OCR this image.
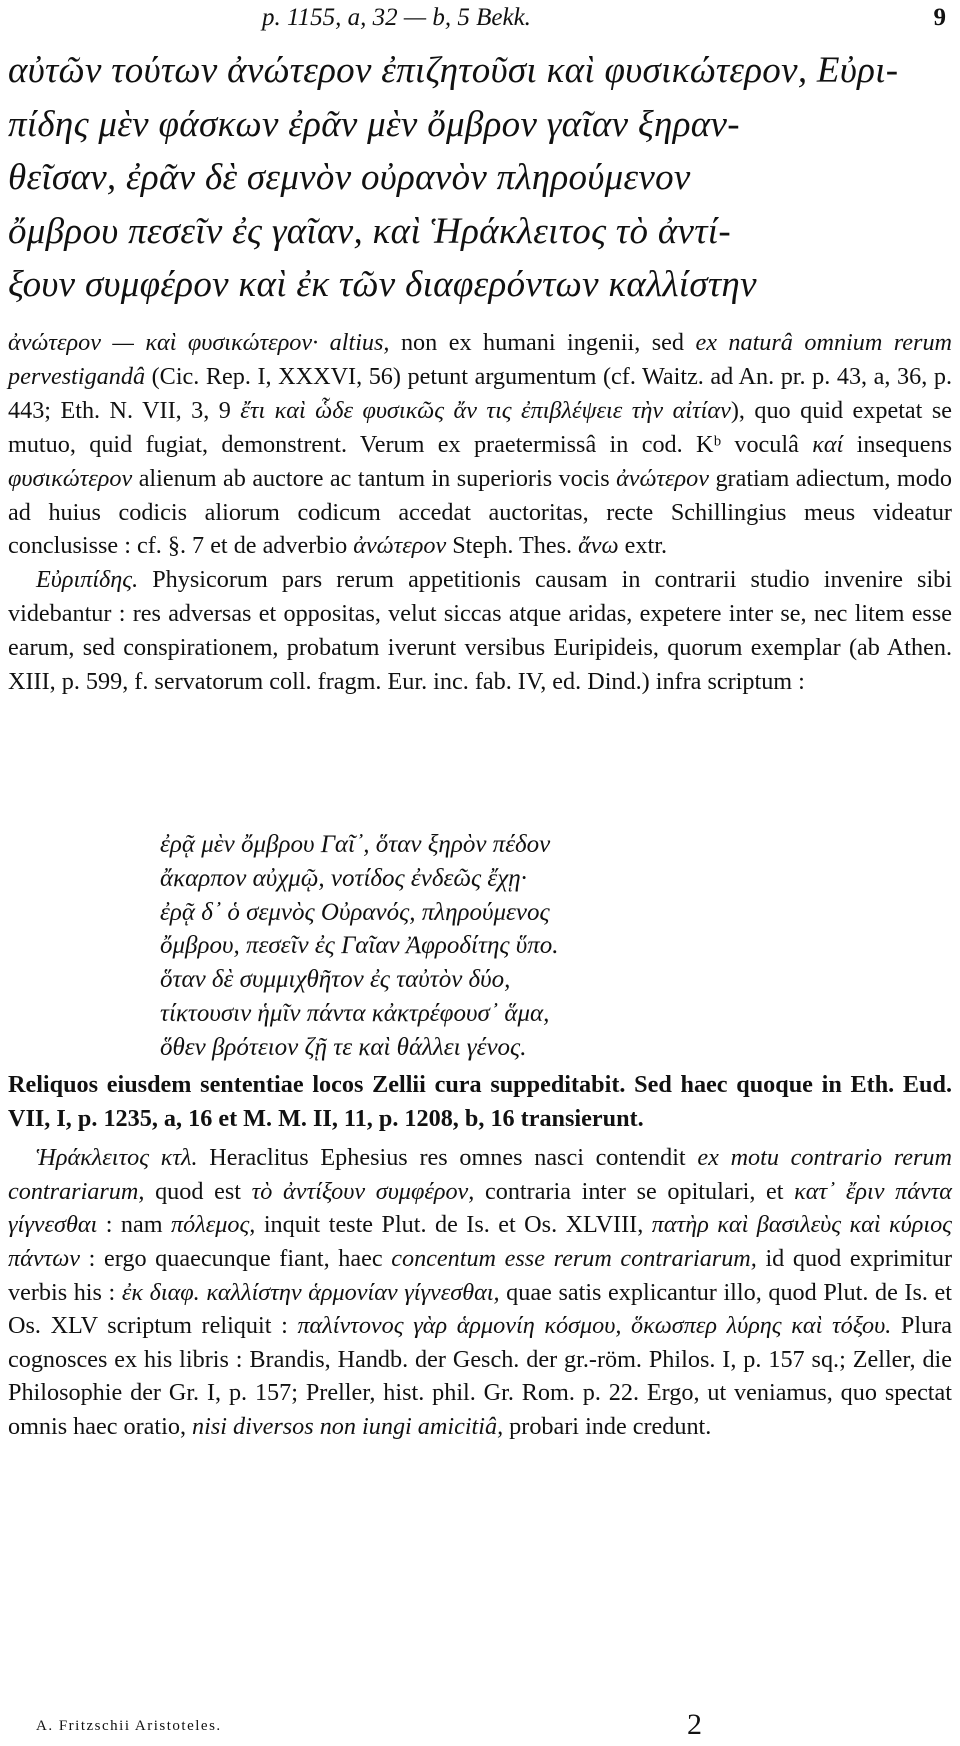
p. 1155, a, 32 — b, 5 Bekk.	9
αὐτῶν τούτων ἀνώτερον ἐπιζητοῦσι καὶ φυσικώτερον, Εὐρι-
πίδης μὲν φάσκων ἐρᾶν μὲν ὄμβρον γαῖαν ξηραν-
θεῖσαν, ἐρᾶν δὲ σεμνὸν οὐρανὸν πληρούμενον
ὄμβρου πεσεῖν ἐς γαῖαν, καὶ Ἡράκλειτος τὸ ἀντί-
ξουν συμφέρον καὶ ἐκ τῶν διαφερόντων καλλίστην

ἀνώτερον — καὶ φυσικώτερον· altius, non ex humani ingenii, sed ex naturâ omnium rerum pervestigandâ (Cic. Rep. I, XXXVI, 56) petunt argumentum (cf. Waitz. ad An. pr. p. 43, a, 36, p. 443; Eth. N. VII, 3, 9 ἔτι καὶ ὧδε φυσικῶς ἄν τις ἐπιβλέψειε τὴν αἰτίαν), quo quid expetat se mutuo, quid fugiat, demonstrent. Verum ex praetermissâ in cod. Kᵇ voculâ καί insequens φυσικώτερον alienum ab auctore ac tantum in superioris vocis ἀνώτερον gratiam adiectum, modo ad huius codicis aliorum codicum accedat auctoritas, recte Schillingius meus videatur conclusisse : cf. §. 7 et de adverbio ἀνώτερον Steph. Thes. ἄνω extr.

Εὐριπίδης. Physicorum pars rerum appetitionis causam in contrarii studio invenire sibi videbantur : res adversas et oppositas, velut siccas atque aridas, expetere inter se, nec litem esse earum, sed conspirationem, probatum iverunt versibus Euripideis, quorum exemplar (ab Athen. XIII, p. 599, f. servatorum coll. fragm. Eur. inc. fab. IV, ed. Dind.) infra scriptum :

ἐρᾷ μὲν ὄμβρου Γαῖ᾽, ὅταν ξηρὸν πέδον
ἄκαρπον αὐχμῷ, νοτίδος ἐνδεῶς ἔχῃ·
ἐρᾷ δ᾽ ὁ σεμνὸς Οὐρανός, πληρούμενος
ὄμβρου, πεσεῖν ἐς Γαῖαν Ἀφροδίτης ὕπο.
ὅταν δὲ συμμιχθῆτον ἐς ταὐτὸν δύο,
τίκτουσιν ἡμῖν πάντα κἀκτρέφουσ᾽ ἅμα,
ὅθεν βρότειον ζῇ τε καὶ θάλλει γένος.

Reliquos eiusdem sententiae locos Zellii cura suppeditabit. Sed haec quoque in Eth. Eud. VII, I, p. 1235, a, 16 et M. M. II, 11, p. 1208, b, 16 transierunt.

Ἡράκλειτος κτλ. Heraclitus Ephesius res omnes nasci contendit ex motu contrario rerum contrariarum, quod est τὸ ἀντίξουν συμφέρον, contraria inter se opitulari, et κατ᾽ ἔριν πάντα γίγνεσθαι : nam πόλεμος, inquit teste Plut. de Is. et Os. XLVIII, πατὴρ καὶ βασιλεὺς καὶ κύριος πάντων : ergo quaecunque fiant, haec concentum esse rerum contrariarum, id quod exprimitur verbis his : ἐκ διαφ. καλλίστην ἁρμονίαν γίγνεσθαι, quae satis explicantur illo, quod Plut. de Is. et Os. XLV scriptum reliquit : παλίντονος γὰρ ἁρμονίη κόσμου, ὅκωσπερ λύρης καὶ τόξου. Plura cognosces ex his libris : Brandis, Handb. der Gesch. der gr.-röm. Philos. I, p. 157 sq.; Zeller, die Philosophie der Gr. I, p. 157; Preller, hist. phil. Gr. Rom. p. 22. Ergo, ut veniamus, quo spectat omnis haec oratio, nisi diversos non iungi amicitiâ, probari inde credunt.

A. Fritzschii Aristoteles.	2
